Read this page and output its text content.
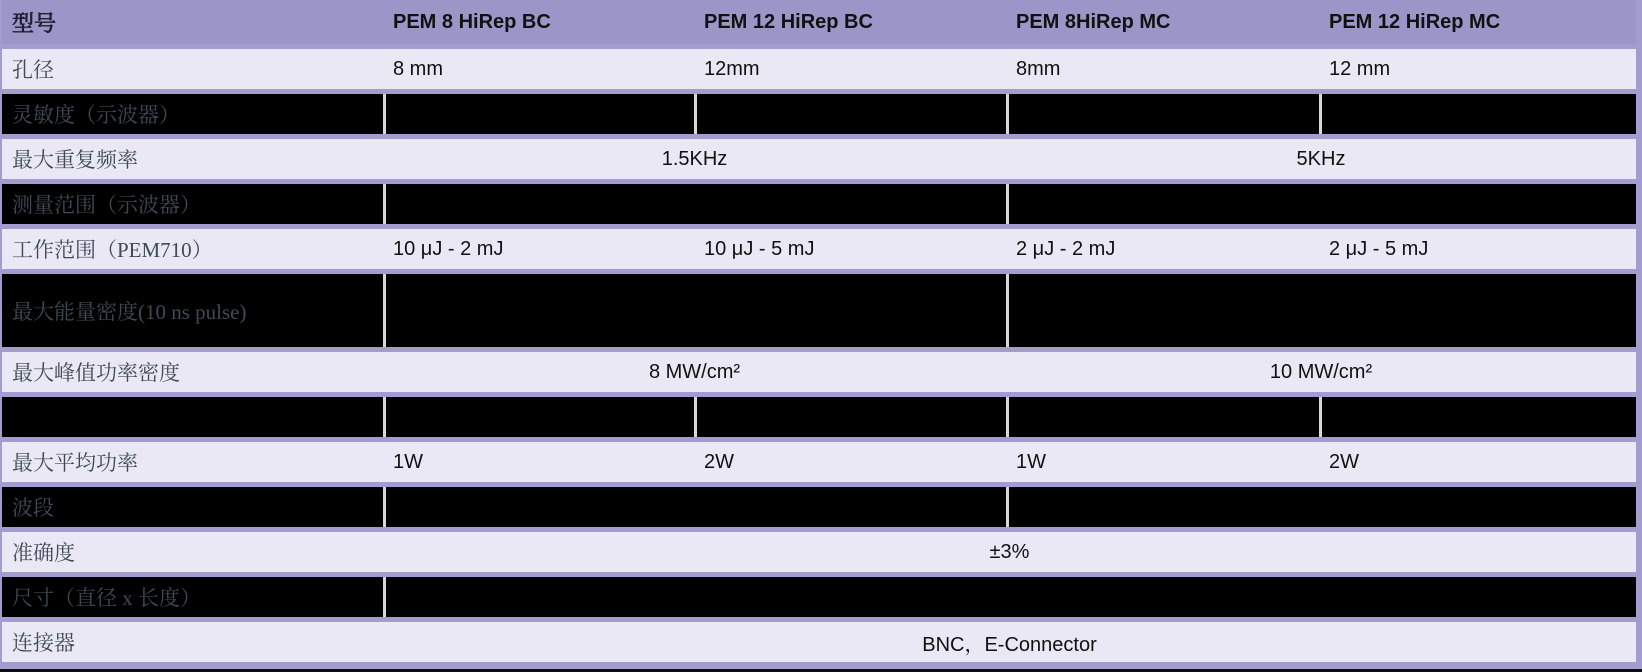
型号	PEM 8 HiRep BC	PEM 12 HiRep BC	PEM 8HiRep MC	PEM 12 HiRep MC
孔径	8 mm	12mm	8mm	12 mm
灵敏度（示波器）
最大重复频率	1.5KHz	5KHz
测量范围（示波器）
工作范围（PEM710）	10 μJ - 2 mJ	10 μJ - 5 mJ	2 μJ - 2 mJ	2 μJ - 5 mJ
最大能量密度(10 ns pulse)
最大峰值功率密度	8 MW/cm²	10 MW/cm²
最大平均功率	1W	2W	1W	2W
波段
准确度	±3%
尺寸（直径 x 长度）
连接器	BNC，E-Connector
